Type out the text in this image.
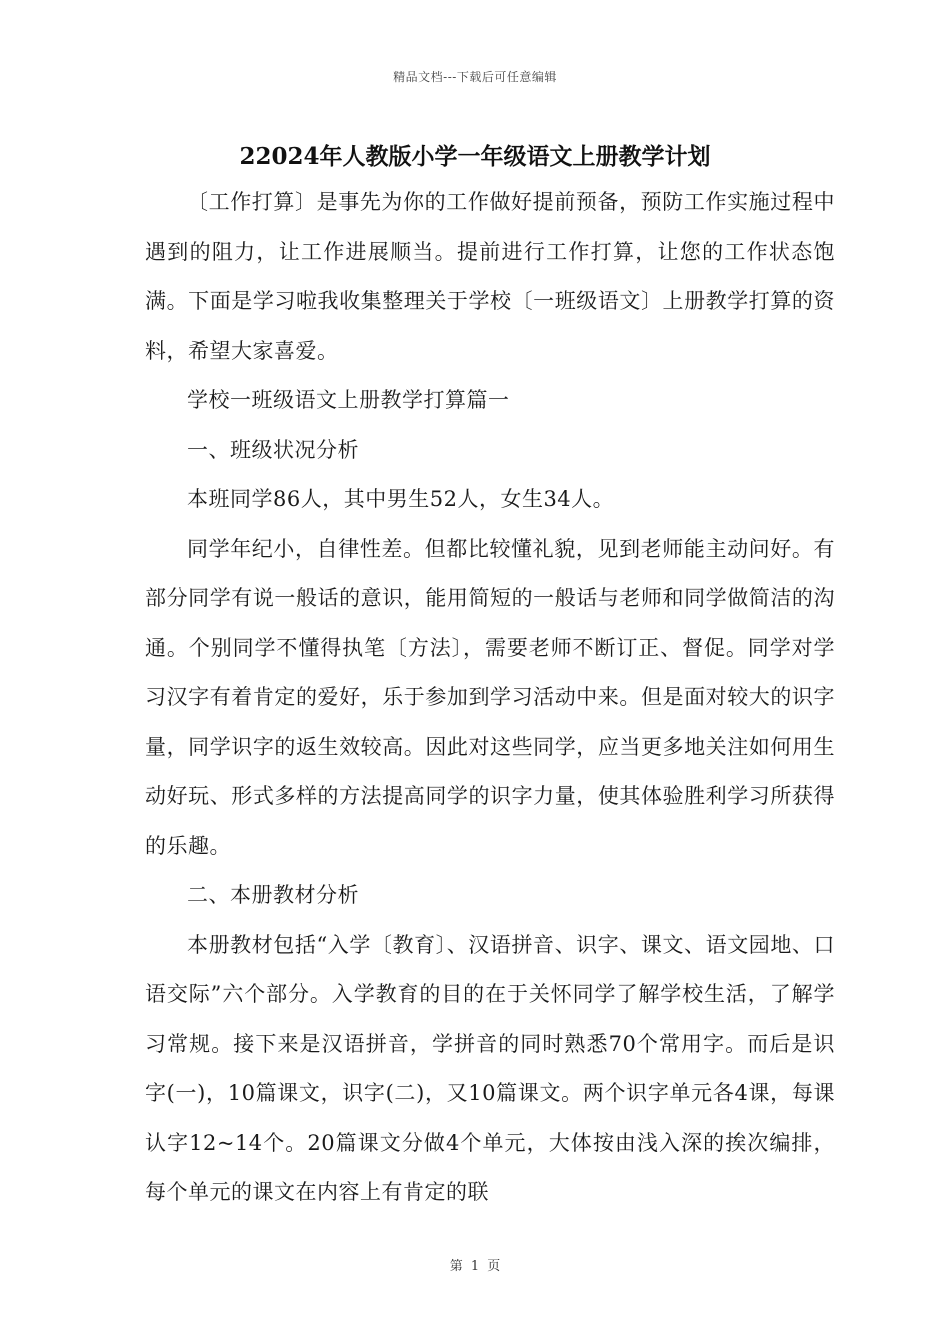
精品文档---下载后可任意编辑
22024年人教版小学一年级语文上册教学计划

〔工作打算〕是事先为你的工作做好提前预备，预防工作实施过程中遇到的阻力，让工作进展顺当。提前进行工作打算，让您的工作状态饱满。下面是学习啦我收集整理关于学校〔一班级语文〕上册教学打算的资料，希望大家喜爱。

学校一班级语文上册教学打算篇一

一、班级状况分析

本班同学86人，其中男生52人，女生34人。

同学年纪小，自律性差。但都比较懂礼貌，见到老师能主动问好。有部分同学有说一般话的意识，能用简短的一般话与老师和同学做简洁的沟通。个别同学不懂得执笔〔方法〕，需要老师不断订正、督促。同学对学习汉字有着肯定的爱好，乐于参加到学习活动中来。但是面对较大的识字量，同学识字的返生效较高。因此对这些同学，应当更多地关注如何用生动好玩、形式多样的方法提高同学的识字力量，使其体验胜利学习所获得的乐趣。

二、本册教材分析

本册教材包括“入学〔教育〕、汉语拼音、识字、课文、语文园地、口语交际”六个部分。入学教育的目的在于关怀同学了解学校生活，了解学习常规。接下来是汉语拼音，学拼音的同时熟悉70个常用字。而后是识字(一)，10篇课文，识字(二)，又10篇课文。两个识字单元各4课，每课认字12~14个。20篇课文分做4个单元，大体按由浅入深的挨次编排，每个单元的课文在内容上有肯定的联

第 1 页
